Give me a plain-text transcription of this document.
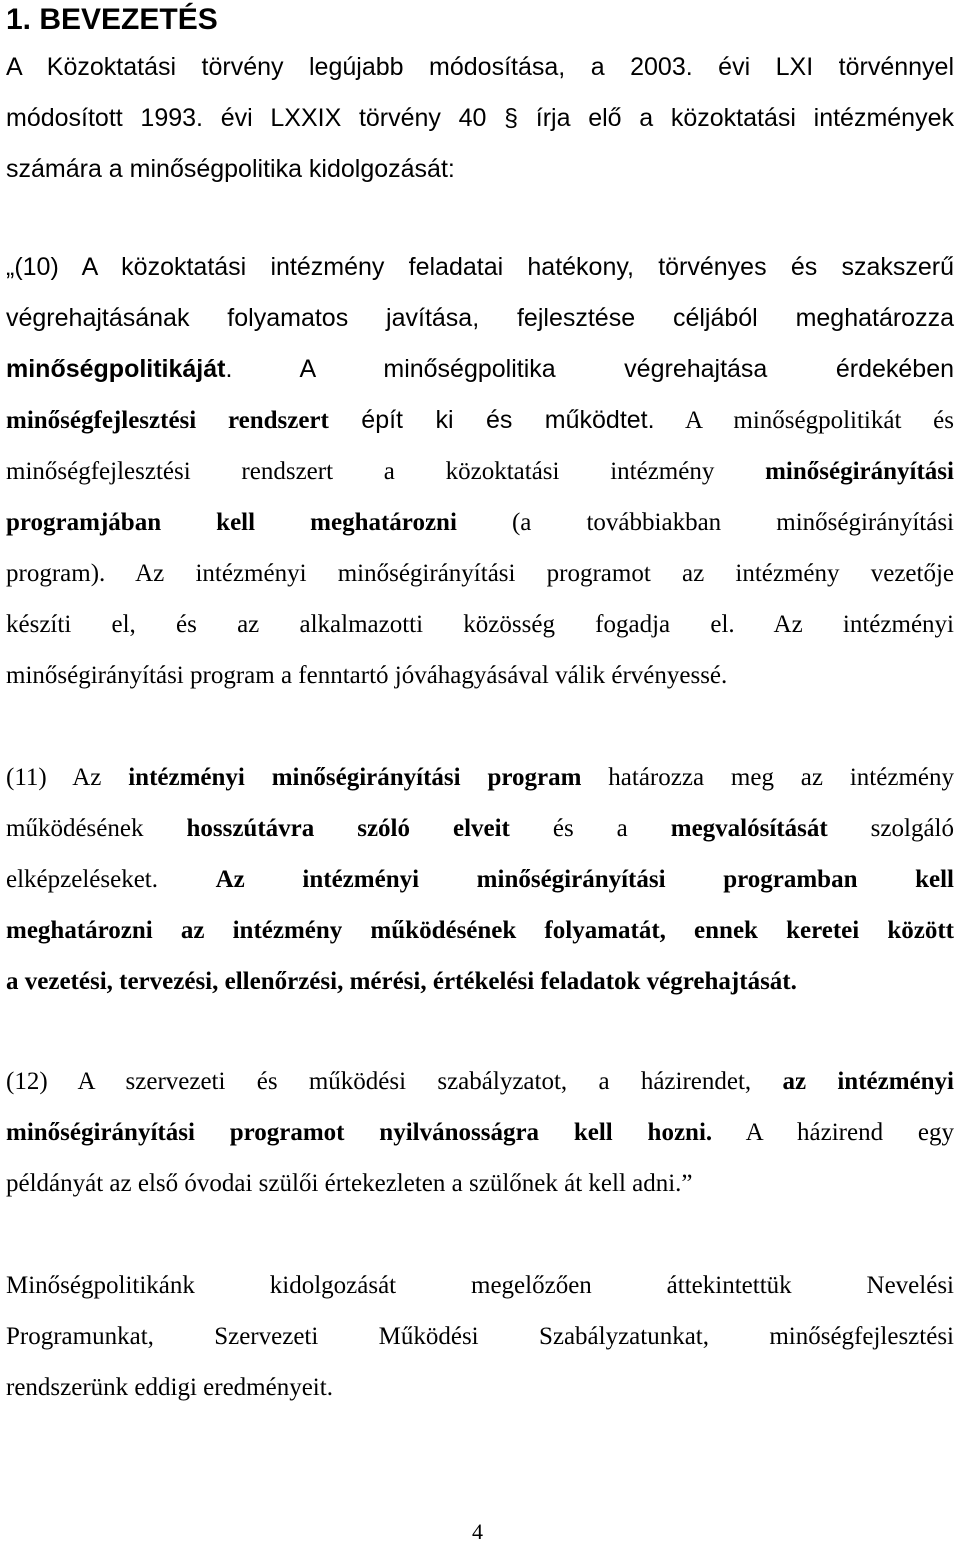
1. BEVEZETÉS

A Közoktatási törvény legújabb módosítása, a 2003. évi LXI törvénnyel
módosított 1993. évi LXXIX törvény 40 § írja elő a közoktatási intézmények
számára a minőségpolitika kidolgozását:

„(10) A közoktatási intézmény feladatai hatékony, törvényes és szakszerű
végrehajtásának folyamatos javítása, fejlesztése céljából meghatározza
minőségpolitikáját. A minőségpolitika végrehajtása érdekében
minőségfejlesztési rendszert épít ki és működtet. A minőségpolitikát és
minőségfejlesztési rendszert a közoktatási intézmény minőségirányítási
programjában kell meghatározni (a továbbiakban minőségirányítási
program). Az intézményi minőségirányítási programot az intézmény vezetője
készíti el, és az alkalmazotti közösség fogadja el. Az intézményi
minőségirányítási program a fenntartó jóváhagyásával válik érvényessé.

(11) Az intézményi minőségirányítási program határozza meg az intézmény
működésének hosszútávra szóló elveit és a megvalósítását szolgáló
elképzeléseket. Az intézményi minőségirányítási programban kell
meghatározni az intézmény működésének folyamatát, ennek keretei között
a vezetési, tervezési, ellenőrzési, mérési, értékelési feladatok végrehajtását.

(12) A szervezeti és működési szabályzatot, a házirendet, az intézményi
minőségirányítási programot nyilvánosságra kell hozni. A házirend egy
példányát az első óvodai szülői értekezleten a szülőnek át kell adni.”

Minőségpolitikánk kidolgozását megelőzően áttekintettük Nevelési
Programunkat, Szervezeti Működési Szabályzatunkat, minőségfejlesztési
rendszerünk eddigi eredményeit.

4
